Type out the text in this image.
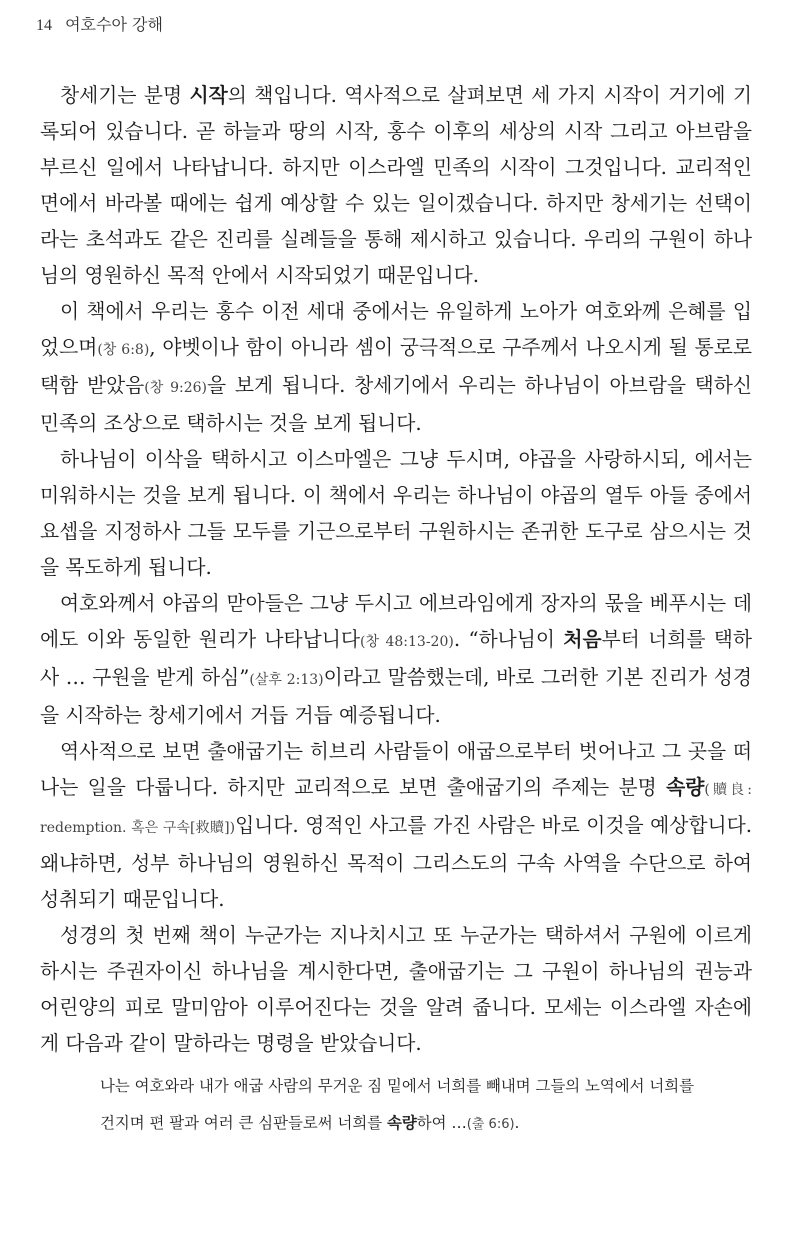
14 여호수아 강해

창세기는 분명 시작의 책입니다. 역사적으로 살펴보면 세 가지 시작이 거기에 기록되어 있습니다. 곧 하늘과 땅의 시작, 홍수 이후의 세상의 시작 그리고 아브람을 부르신 일에서 나타납니다. 하지만 이스라엘 민족의 시작이 그것입니다. 교리적인 면에서 바라볼 때에는 쉽게 예상할 수 있는 일이겠습니다. 하지만 창세기는 선택이라는 초석과도 같은 진리를 실례들을 통해 제시하고 있습니다. 우리의 구원이 하나님의 영원하신 목적 안에서 시작되었기 때문입니다.

이 책에서 우리는 홍수 이전 세대 중에서는 유일하게 노아가 여호와께 은혜를 입었으며(창 6:8), 야벳이나 함이 아니라 셈이 궁극적으로 구주께서 나오시게 될 통로로 택함 받았음(창 9:26)을 보게 됩니다. 창세기에서 우리는 하나님이 아브람을 택하신 민족의 조상으로 택하시는 것을 보게 됩니다.

하나님이 이삭을 택하시고 이스마엘은 그냥 두시며, 야곱을 사랑하시되, 에서는 미워하시는 것을 보게 됩니다. 이 책에서 우리는 하나님이 야곱의 열두 아들 중에서 요셉을 지정하사 그들 모두를 기근으로부터 구원하시는 존귀한 도구로 삼으시는 것을 목도하게 됩니다.

여호와께서 야곱의 맏아들은 그냥 두시고 에브라임에게 장자의 몫을 베푸시는 데에도 이와 동일한 원리가 나타납니다(창 48:13-20). “하나님이 처음부터 너희를 택하사 … 구원을 받게 하심”(살후 2:13)이라고 말씀했는데, 바로 그러한 기본 진리가 성경을 시작하는 창세기에서 거듭 거듭 예증됩니다.

역사적으로 보면 출애굽기는 히브리 사람들이 애굽으로부터 벗어나고 그 곳을 떠나는 일을 다룹니다. 하지만 교리적으로 보면 출애굽기의 주제는 분명 속량(贖良: redemption. 혹은 구속[救贖])입니다. 영적인 사고를 가진 사람은 바로 이것을 예상합니다. 왜냐하면, 성부 하나님의 영원하신 목적이 그리스도의 구속 사역을 수단으로 하여 성취되기 때문입니다.

성경의 첫 번째 책이 누군가는 지나치시고 또 누군가는 택하셔서 구원에 이르게 하시는 주권자이신 하나님을 계시한다면, 출애굽기는 그 구원이 하나님의 권능과 어린양의 피로 말미암아 이루어진다는 것을 알려 줍니다. 모세는 이스라엘 자손에게 다음과 같이 말하라는 명령을 받았습니다.

나는 여호와라 내가 애굽 사람의 무거운 짐 밑에서 너희를 빼내며 그들의 노역에서 너희를 건지며 편 팔과 여러 큰 심판들로써 너희를 속량하여 …(출 6:6).
